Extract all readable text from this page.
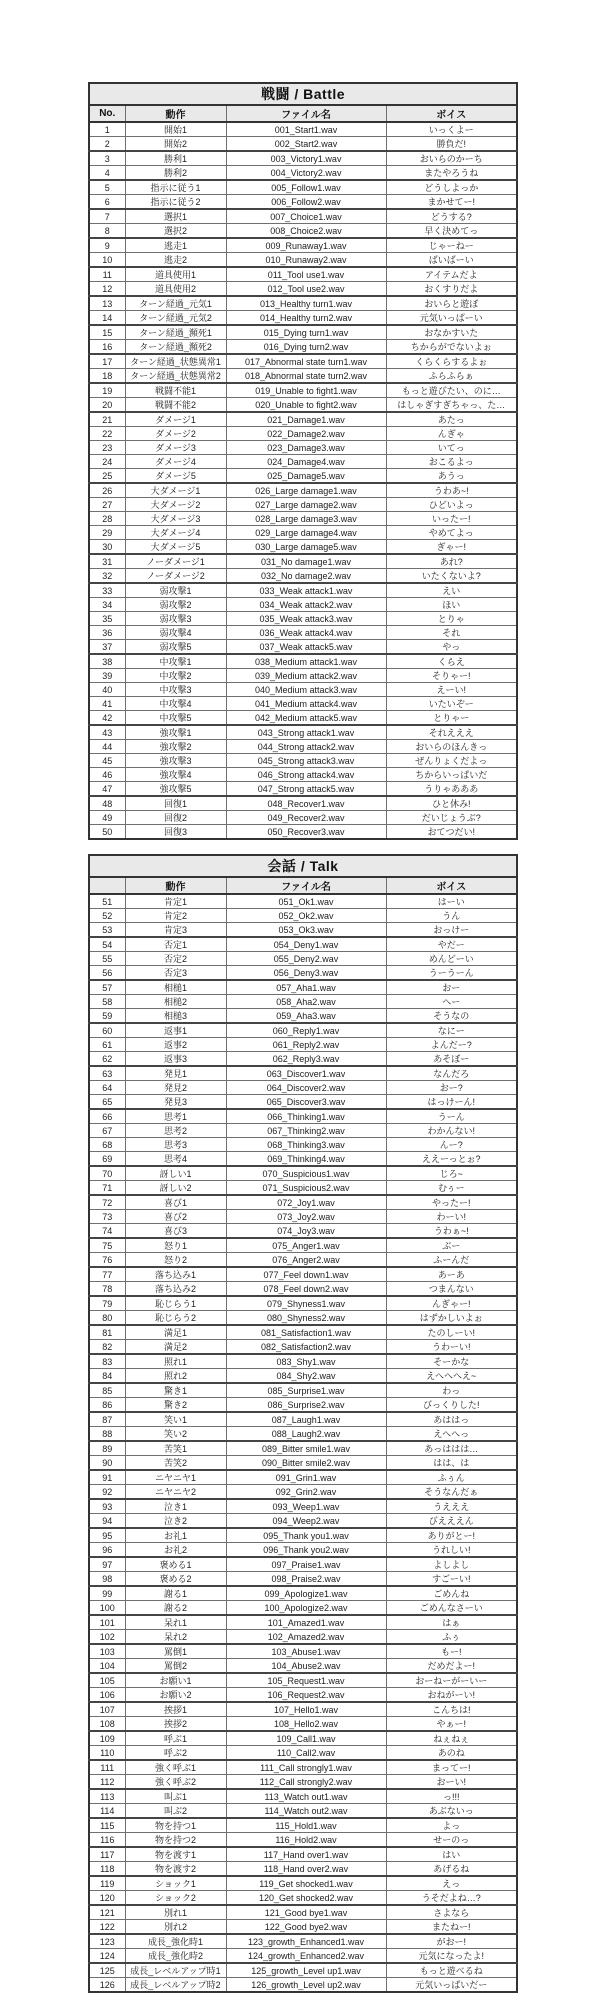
戦闘 / Battle			
No.	動作	ファイル名	ボイス
1	開始1	001_Start1.wav	いっくよー
2	開始2	002_Start2.wav	勝負だ!
3	勝利1	003_Victory1.wav	おいらのかーち
4	勝利2	004_Victory2.wav	またやろうね
5	指示に従う1	005_Follow1.wav	どうしよっか
6	指示に従う2	006_Follow2.wav	まかせてー!
7	選択1	007_Choice1.wav	どうする?
8	選択2	008_Choice2.wav	早く決めてっ
9	逃走1	009_Runaway1.wav	じゃーねー
10	逃走2	010_Runaway2.wav	ばいばーい
11	道具使用1	011_Tool use1.wav	アイテムだよ
12	道具使用2	012_Tool use2.wav	おくすりだよ
13	ターン経過_元気1	013_Healthy turn1.wav	おいらと遊ぼ
14	ターン経過_元気2	014_Healthy turn2.wav	元気いっぱーい
15	ターン経過_瀕死1	015_Dying turn1.wav	おなかすいた
16	ターン経過_瀕死2	016_Dying turn2.wav	ちからがでないよぉ
17	ターン経過_状態異常1	017_Abnormal state turn1.wav	くらくらするよぉ
18	ターン経過_状態異常2	018_Abnormal state turn2.wav	ふらふらぁ
19	戦闘不能1	019_Unable to fight1.wav	もっと遊びたい、のに…
20	戦闘不能2	020_Unable to fight2.wav	はしゃぎすぎちゃっ、た…
21	ダメージ1	021_Damage1.wav	あたっ
22	ダメージ2	022_Damage2.wav	んぎゃ
23	ダメージ3	023_Damage3.wav	いてっ
24	ダメージ4	024_Damage4.wav	おこるよっ
25	ダメージ5	025_Damage5.wav	あうっ
26	大ダメージ1	026_Large damage1.wav	うわあ~!
27	大ダメージ2	027_Large damage2.wav	ひどいよっ
28	大ダメージ3	028_Large damage3.wav	いったー!
29	大ダメージ4	029_Large damage4.wav	やめてよっ
30	大ダメージ5	030_Large damage5.wav	ぎゃー!
31	ノーダメージ1	031_No damage1.wav	あれ?
32	ノーダメージ2	032_No damage2.wav	いたくないよ?
33	弱攻撃1	033_Weak attack1.wav	えい
34	弱攻撃2	034_Weak attack2.wav	ほい
35	弱攻撃3	035_Weak attack3.wav	とりゃ
36	弱攻撃4	036_Weak attack4.wav	それ
37	弱攻撃5	037_Weak attack5.wav	やっ
38	中攻撃1	038_Medium attack1.wav	くらえ
39	中攻撃2	039_Medium attack2.wav	そりゃー!
40	中攻撃3	040_Medium attack3.wav	えーい!
41	中攻撃4	041_Medium attack4.wav	いたいぞー
42	中攻撃5	042_Medium attack5.wav	とりゃー
43	強攻撃1	043_Strong attack1.wav	それえええ
44	強攻撃2	044_Strong attack2.wav	おいらのほんきっ
45	強攻撃3	045_Strong attack3.wav	ぜんりょくだよっ
46	強攻撃4	046_Strong attack4.wav	ちからいっぱいだ
47	強攻撃5	047_Strong attack5.wav	うりゃあああ
48	回復1	048_Recover1.wav	ひと休み!
49	回復2	049_Recover2.wav	だいじょうぶ?
50	回復3	050_Recover3.wav	おてつだい!
会話 / Talk			
	動作	ファイル名	ボイス
51	肯定1	051_Ok1.wav	はーい
52	肯定2	052_Ok2.wav	うん
53	肯定3	053_Ok3.wav	おっけー
54	否定1	054_Deny1.wav	やだー
55	否定2	055_Deny2.wav	めんどーい
56	否定3	056_Deny3.wav	うーうーん
57	相槌1	057_Aha1.wav	おー
58	相槌2	058_Aha2.wav	へー
59	相槌3	059_Aha3.wav	そうなの
60	返事1	060_Reply1.wav	なにー
61	返事2	061_Reply2.wav	よんだー?
62	返事3	062_Reply3.wav	あそぼー
63	発見1	063_Discover1.wav	なんだろ
64	発見2	064_Discover2.wav	おー?
65	発見3	065_Discover3.wav	はっけーん!
66	思考1	066_Thinking1.wav	うーん
67	思考2	067_Thinking2.wav	わかんない!
68	思考3	068_Thinking3.wav	んー?
69	思考4	069_Thinking4.wav	ええーっとぉ?
70	訝しい1	070_Suspicious1.wav	じろ~
71	訝しい2	071_Suspicious2.wav	むぅー
72	喜び1	072_Joy1.wav	やったー!
73	喜び2	073_Joy2.wav	わーい!
74	喜び3	074_Joy3.wav	うわぁ~!
75	怒り1	075_Anger1.wav	ぶー
76	怒り2	076_Anger2.wav	ふーんだ
77	落ち込み1	077_Feel down1.wav	あーあ
78	落ち込み2	078_Feel down2.wav	つまんない
79	恥じらう1	079_Shyness1.wav	んぎゃー!
80	恥じらう2	080_Shyness2.wav	はずかしいよぉ
81	満足1	081_Satisfaction1.wav	たのしーい!
82	満足2	082_Satisfaction2.wav	うわーい!
83	照れ1	083_Shy1.wav	そーかな
84	照れ2	084_Shy2.wav	えへへへえ~
85	驚き1	085_Surprise1.wav	わっ
86	驚き2	086_Surprise2.wav	びっくりした!
87	笑い1	087_Laugh1.wav	あははっ
88	笑い2	088_Laugh2.wav	えへへっ
89	苦笑1	089_Bitter smile1.wav	あっははは…
90	苦笑2	090_Bitter smile2.wav	はは、は
91	ニヤニヤ1	091_Grin1.wav	ふぅん
92	ニヤニヤ2	092_Grin2.wav	そうなんだぁ
93	泣き1	093_Weep1.wav	うえええ
94	泣き2	094_Weep2.wav	びえええん
95	お礼1	095_Thank you1.wav	ありがとー!
96	お礼2	096_Thank you2.wav	うれしい!
97	褒める1	097_Praise1.wav	よしよし
98	褒める2	098_Praise2.wav	すごーい!
99	謝る1	099_Apologize1.wav	ごめんね
100	謝る2	100_Apologize2.wav	ごめんなさーい
101	呆れ1	101_Amazed1.wav	はぁ
102	呆れ2	102_Amazed2.wav	ふぅ
103	罵倒1	103_Abuse1.wav	もー!
104	罵倒2	104_Abuse2.wav	だめだよー!
105	お願い1	105_Request1.wav	おーねーがーいー
106	お願い2	106_Request2.wav	おねがーい!
107	挨拶1	107_Hello1.wav	こんちは!
108	挨拶2	108_Hello2.wav	やぁー!
109	呼ぶ1	109_Call1.wav	ねぇねぇ
110	呼ぶ2	110_Call2.wav	あのね
111	強く呼ぶ1	111_Call strongly1.wav	まってー!
112	強く呼ぶ2	112_Call strongly2.wav	おーい!
113	叫ぶ1	113_Watch out1.wav	っ!!!
114	叫ぶ2	114_Watch out2.wav	あぶないっ
115	物を持つ1	115_Hold1.wav	よっ
116	物を持つ2	116_Hold2.wav	せーのっ
117	物を渡す1	117_Hand over1.wav	はい
118	物を渡す2	118_Hand over2.wav	あげるね
119	ショック1	119_Get shocked1.wav	えっ
120	ショック2	120_Get shocked2.wav	うそだよね…?
121	別れ1	121_Good bye1.wav	さよなら
122	別れ2	122_Good bye2.wav	またねー!
123	成長_強化時1	123_growth_Enhanced1.wav	がおー!
124	成長_強化時2	124_growth_Enhanced2.wav	元気になったよ!
125	成長_レベルアップ時1	125_growth_Level up1.wav	もっと遊べるね
126	成長_レベルアップ時2	126_growth_Level up2.wav	元気いっぱいだー
